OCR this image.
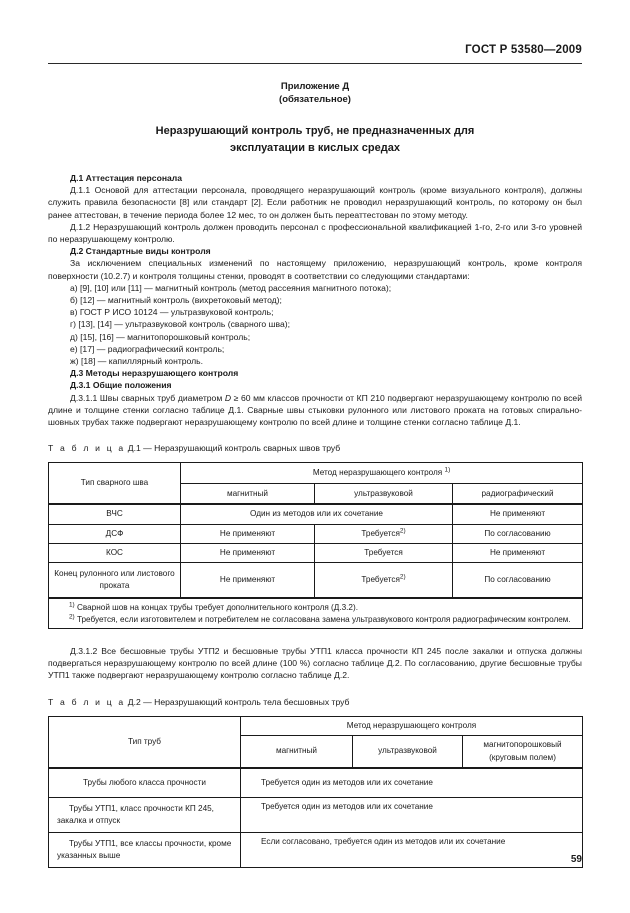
ГОСТ Р 53580—2009
Приложение Д
(обязательное)
Неразрушающий контроль труб, не предназначенных для
эксплуатации в кислых средах

Д.1 Аттестация персонала

Д.1.1 Основой для аттестации персонала, проводящего неразрушающий контроль (кроме визуального контроля), должны служить правила безопасности [8] или стандарт [2]. Если работник не проводил неразрушающий контроль, по которому он был ранее аттестован, в течение периода более 12 мес, то он должен быть переаттестован по этому методу.

Д.1.2 Неразрушающий контроль должен проводить персонал с профессиональной квалификацией 1-го, 2-го или 3-го уровней по неразрушающему контролю.

Д.2 Стандартные виды контроля

За исключением специальных изменений по настоящему приложению, неразрушающий контроль, кроме контроля поверхности (10.2.7) и контроля толщины стенки, проводят в соответствии со следующими стандартами:

а) [9], [10] или [11] — магнитный контроль (метод рассеяния магнитного потока);

б) [12] — магнитный контроль (вихретоковый метод);

в) ГОСТ Р ИСО 10124 — ультразвуковой контроль;

г) [13], [14] — ультразвуковой контроль (сварного шва);

д) [15], [16] — магнитопорошковый контроль;

е) [17] — радиографический контроль;

ж) [18] — капиллярный контроль.

Д.3 Методы неразрушающего контроля

Д.3.1 Общие положения

Д.3.1.1 Швы сварных труб диаметром D ≥ 60 мм классов прочности от КП 210 подвергают неразрушающему контролю по всей длине и толщине стенки согласно таблице Д.1. Сварные швы стыковки рулонного или листового проката на готовых спирально-шовных трубах также подвергают неразрушающему контролю по всей длине и толщине стенки согласно таблице Д.1.

Т а б л и ц а Д.1 — Неразрушающий контроль сварных швов труб

Тип сварного шва	Метод неразрушающего контроля $^{1)}$
	магнитный	ультразвуковой	радиографический
ВЧС	Один из методов или их сочетание		Не применяют
ДСФ	Не применяют	Требуется$^{2)}$	По согласованию
КОС	Не применяют	Требуется	Не применяют
Конец рулонного или листового проката	Не применяют	Требуется$^{2)}$	По согласованию

$^{1)}$ Сварной шов на концах трубы требует дополнительного контроля (Д.3.2).

$^{2)}$ Требуется, если изготовителем и потребителем не согласована замена ультразвукового контроля радиографическим контролем.			

Д.3.1.2 Все бесшовные трубы УТП2 и бесшовные трубы УТП1 класса прочности КП 245 после закалки и отпуска должны подвергаться неразрушающему контролю по всей длине (100 %) согласно таблице Д.2. По согласованию, другие бесшовные трубы УТП1 также подвергают неразрушающему контролю согласно таблице Д.2.

Т а б л и ц а Д.2 — Неразрушающий контроль тела бесшовных труб

Тип труб	Метод неразрушающего контроля		
	магнитный	ультразвуковой	магнитопорошковый
(круговым полем)

Трубы любого класса прочности	Требуется один из методов или их сочетание		
Трубы УТП1, класс прочности КП 245, закалка и отпуск	Требуется один из методов или их сочетание		
Трубы УТП1, все классы прочности, кроме указанных выше	Если согласовано, требуется один из методов или их сочетание		
59
